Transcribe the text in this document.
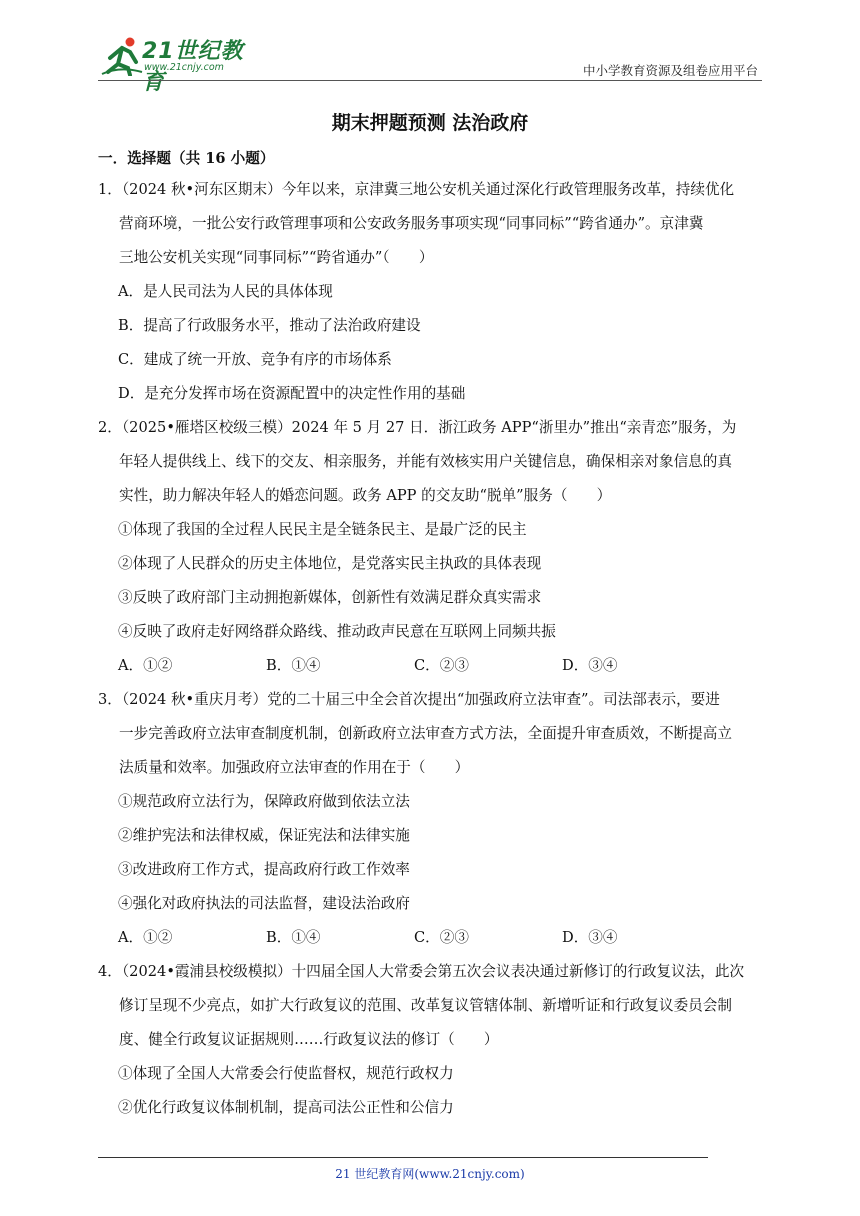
21世纪教育
www.21cnjy.com	中小学教育资源及组卷应用平台
期末押题预测 法治政府
一．选择题（共 16 小题）
1．（2024 秋•河东区期末）今年以来，京津冀三地公安机关通过深化行政管理服务改革，持续优化
营商环境，一批公安行政管理事项和公安政务服务事项实现“同事同标”“跨省通办”。京津冀
三地公安机关实现“同事同标”“跨省通办”（　　）
A．是人民司法为人民的具体体现
B．提高了行政服务水平，推动了法治政府建设
C．建成了统一开放、竞争有序的市场体系
D．是充分发挥市场在资源配置中的决定性作用的基础
2．（2025•雁塔区校级三模）2024 年 5 月 27 日．浙江政务 APP“浙里办”推出“亲青恋”服务，为
年轻人提供线上、线下的交友、相亲服务，并能有效核实用户关键信息，确保相亲对象信息的真
实性，助力解决年轻人的婚恋问题。政务 APP 的交友助“脱单”服务（　　）
①体现了我国的全过程人民民主是全链条民主、是最广泛的民主
②体现了人民群众的历史主体地位，是党落实民主执政的具体表现
③反映了政府部门主动拥抱新媒体，创新性有效满足群众真实需求
④反映了政府走好网络群众路线、推动政声民意在互联网上同频共振
A．①②	B．①④	C．②③	D．③④
3．（2024 秋•重庆月考）党的二十届三中全会首次提出“加强政府立法审查”。司法部表示，要进
一步完善政府立法审查制度机制，创新政府立法审查方式方法，全面提升审查质效，不断提高立
法质量和效率。加强政府立法审查的作用在于（　　）
①规范政府立法行为，保障政府做到依法立法
②维护宪法和法律权威，保证宪法和法律实施
③改进政府工作方式，提高政府行政工作效率
④强化对政府执法的司法监督，建设法治政府
A．①②	B．①④	C．②③	D．③④
4．（2024•霞浦县校级模拟）十四届全国人大常委会第五次会议表决通过新修订的行政复议法，此次
修订呈现不少亮点，如扩大行政复议的范围、改革复议管辖体制、新增听证和行政复议委员会制
度、健全行政复议证据规则……行政复议法的修订（　　）
①体现了全国人大常委会行使监督权，规范行政权力
②优化行政复议体制机制，提高司法公正性和公信力
21 世纪教育网(www.21cnjy.com)
